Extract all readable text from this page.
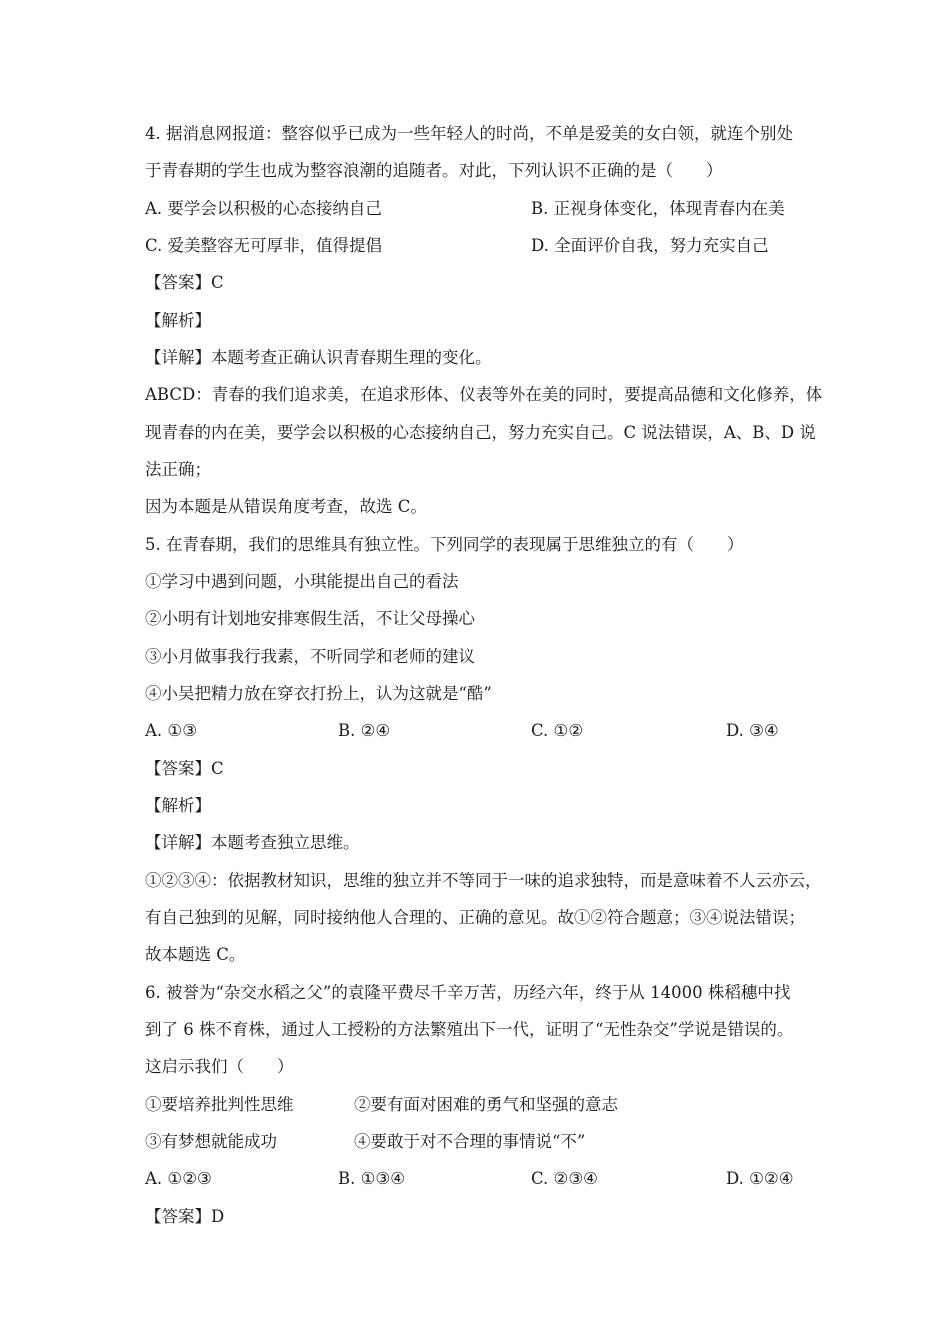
4. 据消息网报道：整容似乎已成为一些年轻人的时尚，不单是爱美的女白领，就连个别处
于青春期的学生也成为整容浪潮的追随者。对此，下列认识不正确的是（　　）
A. 要学会以积极的心态接纳自己	B. 正视身体变化，体现青春内在美
C. 爱美整容无可厚非，值得提倡	D. 全面评价自我，努力充实自己
【答案】C
【解析】
【详解】本题考查正确认识青春期生理的变化。
ABCD：青春的我们追求美，在追求形体、仪表等外在美的同时，要提高品德和文化修养，体
现青春的内在美，要学会以积极的心态接纳自己，努力充实自己。C 说法错误，A、B、D 说
法正确；
因为本题是从错误角度考查，故选 C。
5. 在青春期，我们的思维具有独立性。下列同学的表现属于思维独立的有（　　）
①学习中遇到问题，小琪能提出自己的看法
②小明有计划地安排寒假生活，不让父母操心
③小月做事我行我素，不听同学和老师的建议
④小吴把精力放在穿衣打扮上，认为这就是“酷”
A. ①③	B. ②④	C. ①②	D. ③④
【答案】C
【解析】
【详解】本题考查独立思维。
①②③④：依据教材知识，思维的独立并不等同于一味的追求独特，而是意味着不人云亦云，
有自己独到的见解，同时接纳他人合理的、正确的意见。故①②符合题意；③④说法错误；
故本题选 C。
6. 被誉为“杂交水稻之父”的袁隆平费尽千辛万苦，历经六年，终于从 14000 株稻穗中找
到了 6 株不育株，通过人工授粉的方法繁殖出下一代，证明了“无性杂交”学说是错误的。
这启示我们（　　）
①要培养批判性思维	②要有面对困难的勇气和坚强的意志
③有梦想就能成功	④要敢于对不合理的事情说“不”
A. ①②③	B. ①③④	C. ②③④	D. ①②④
【答案】D
